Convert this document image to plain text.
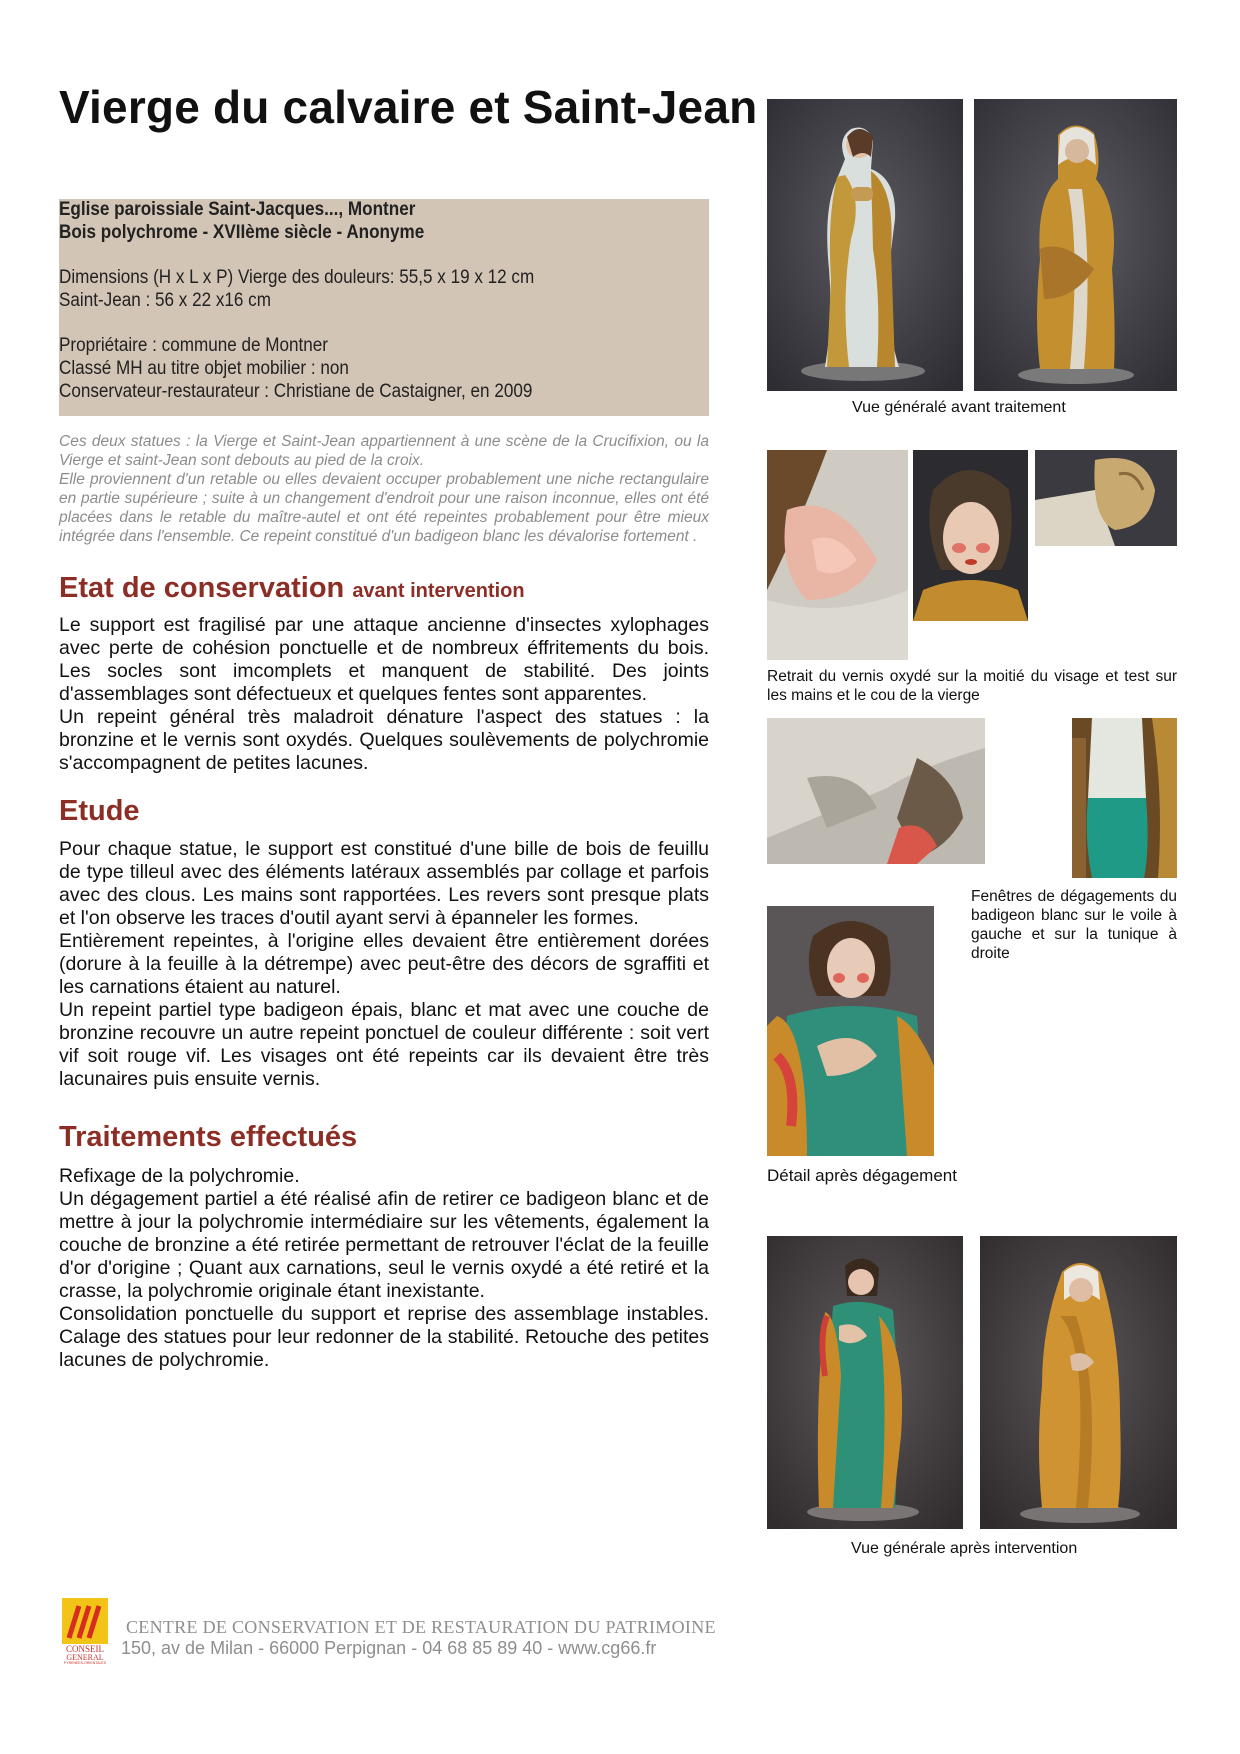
Vierge du calvaire et Saint-Jean
Eglise paroissiale Saint-Jacques..., Montner
Bois polychrome - XVIIème siècle - Anonyme
Dimensions (H x L x P) Vierge des douleurs: 55,5 x 19 x 12 cm
Saint-Jean : 56 x 22 x16 cm
Propriétaire : commune de Montner
Classé MH au titre objet mobilier : non
Conservateur-restaurateur : Christiane de Castaigner, en 2009

Ces deux statues : la Vierge et Saint-Jean appartiennent à une scène de la Crucifixion, ou la Vierge et saint-Jean sont debouts au pied de la croix.

Elle proviennent d'un retable ou elles devaient occuper probablement une niche rectangulaire en partie supérieure ; suite à un changement d'endroit pour une raison inconnue, elles ont été placées dans le retable du maître-autel et ont été repeintes probablement pour être mieux intégrée dans l'ensemble. Ce repeint constitué d'un badigeon blanc les dévalorise fortement .

Etat de conservation avant intervention

Le support est fragilisé par une attaque ancienne d'insectes xylophages avec perte de cohésion ponctuelle et de nombreux éffritements du bois. Les socles sont imcomplets et manquent de stabilité. Des joints d'assemblages sont défectueux et quelques fentes sont apparentes.

Un repeint général très maladroit dénature l'aspect des statues : la bronzine et le vernis sont oxydés. Quelques soulèvements de polychromie s'accompagnent de petites lacunes.

Etude

Pour chaque statue, le support est constitué d'une bille de bois de feuillu de type tilleul avec des éléments latéraux assemblés par collage et parfois avec des clous. Les mains sont rapportées. Les revers sont presque plats et l'on observe les traces d'outil ayant servi à épanneler les formes.

Entièrement repeintes, à l'origine elles devaient être entièrement dorées (dorure à la feuille à la détrempe) avec peut-être des décors de sgraffiti et les carnations étaient au naturel.

Un repeint partiel type badigeon épais, blanc et mat avec une couche de bronzine recouvre un autre repeint ponctuel de couleur différente : soit vert vif soit rouge vif. Les visages ont été repeints car ils devaient être très lacunaires puis ensuite vernis.

Traitements effectués

Refixage de la polychromie.

Un dégagement partiel a été réalisé afin de retirer ce badigeon blanc et de mettre à jour la polychromie intermédiaire sur les vêtements, également la couche de bronzine a été retirée permettant de retrouver l'éclat de la feuille d'or d'origine ; Quant aux carnations, seul le vernis oxydé a été retiré et la crasse, la polychromie originale étant inexistante.

Consolidation ponctuelle du support et reprise des assemblage instables. Calage des statues pour leur redonner de la stabilité. Retouche des petites lacunes de polychromie.

Vue généralé avant traitement
Retrait du vernis oxydé sur la moitié du visage et test sur les mains et le cou de la vierge
Fenêtres de dégagements du badigeon blanc sur le voile à gauche et sur la tunique à droite
Détail après dégagement
Vue générale après intervention
CONSEIL
GENERAL
PYRENEES-ORIENTALES
CENTRE DE CONSERVATION ET DE RESTAURATION DU PATRIMOINE
150, av de Milan - 66000 Perpignan - 04 68 85 89 40 - www.cg66.fr
